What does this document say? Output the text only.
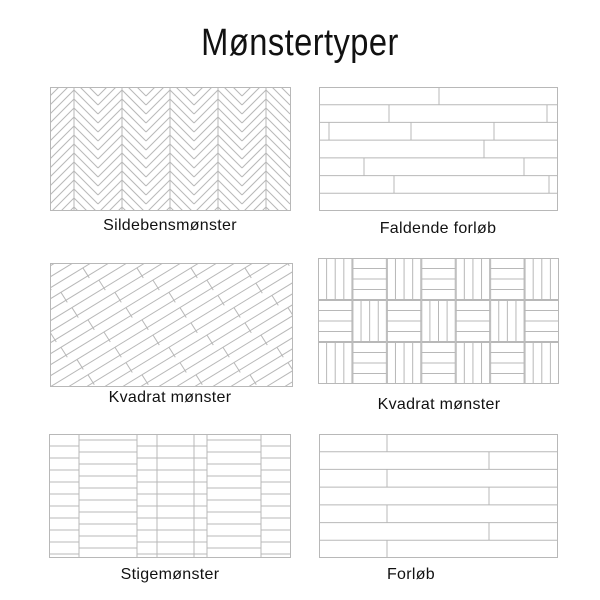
Mønstertyper
Sildebensmønster	Faldende forløb
Kvadrat mønster	Kvadrat mønster
Stigemønster	Forløb
